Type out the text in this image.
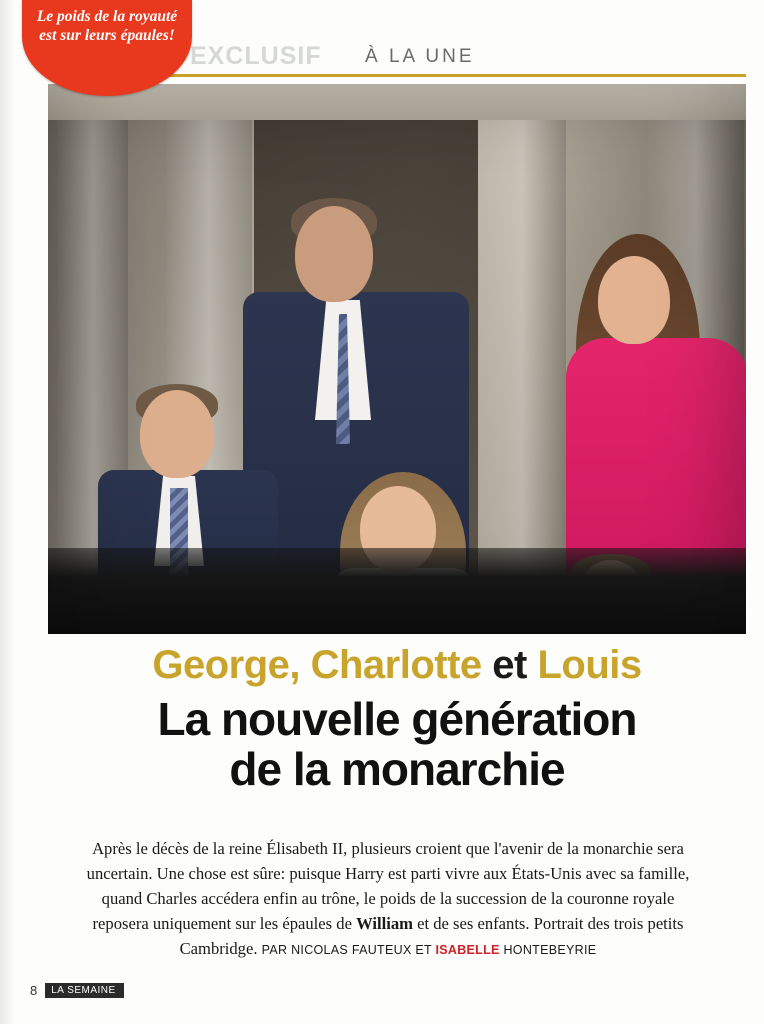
EXCLUSIF À LA UNE
Le poids de la royauté est sur leurs épaules!
George, Charlotte et Louis
La nouvelle génération
de la monarchie
Après le décès de la reine Élisabeth II, plusieurs croient que l'avenir de la monarchie sera uncertain. Une chose est sûre: puisque Harry est parti vivre aux États-Unis avec sa famille, quand Charles accédera enfin au trône, le poids de la succession de la couronne royale reposera uniquement sur les épaules de William et de ses enfants. Portrait des trois petits Cambridge. PAR NICOLAS FAUTEUX ET ISABELLE HONTEBEYRIE
8	LA SEMAINE
